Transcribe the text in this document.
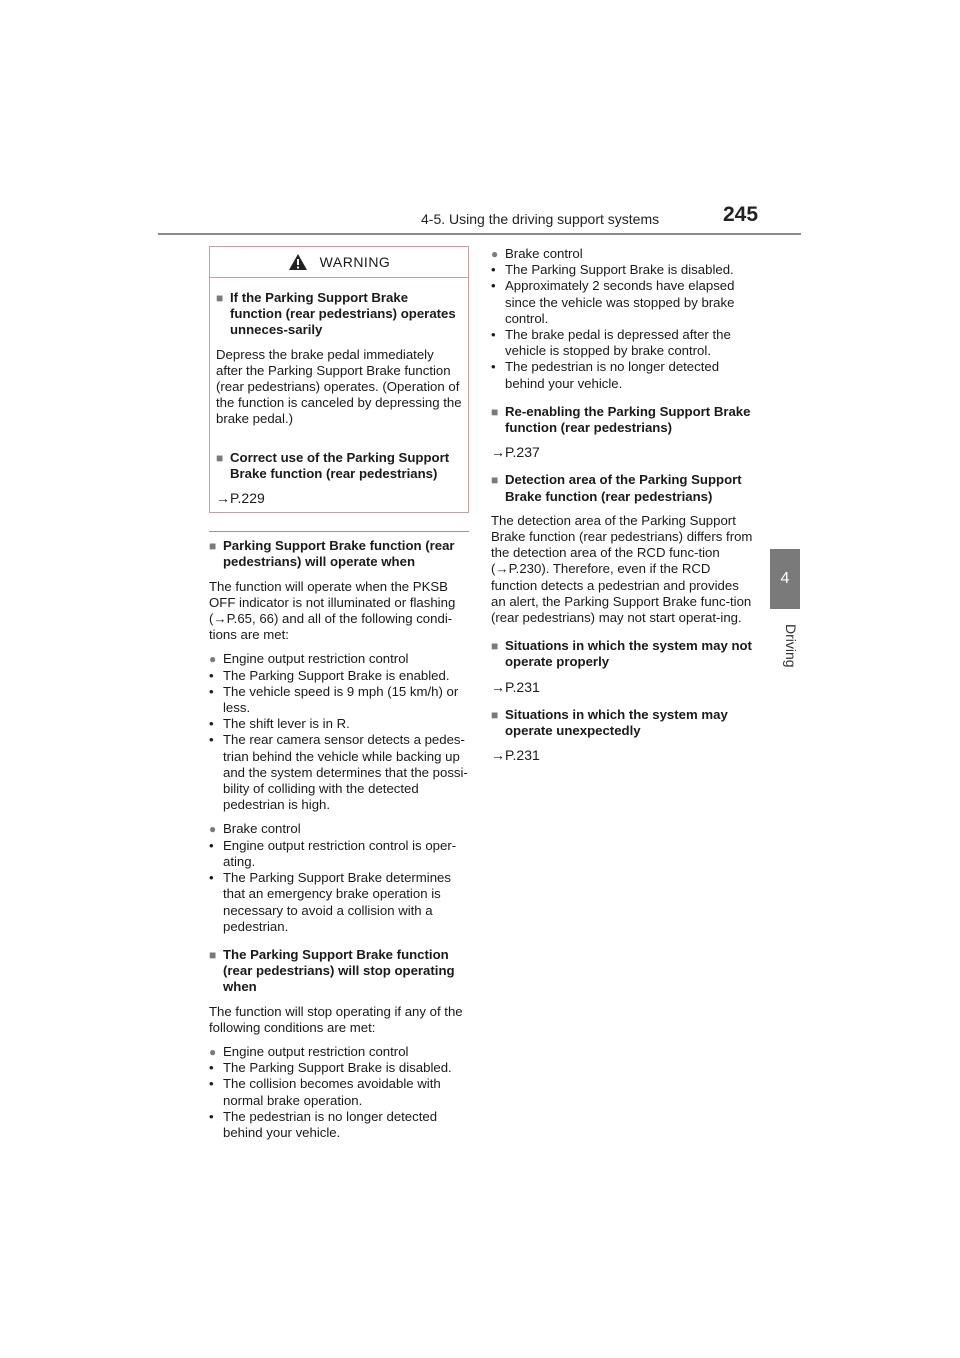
4-5. Using the driving support systems	245
4
Driving
WARNING
■ If the Parking Support Brake function (rear pedestrians) operates unneces-sarily
Depress the brake pedal immediately after the Parking Support Brake function (rear pedestrians) operates. (Operation of the function is canceled by depressing the brake pedal.)
■ Correct use of the Parking Support Brake function (rear pedestrians)
→P.229
■ Parking Support Brake function (rear pedestrians) will operate when
The function will operate when the PKSB OFF indicator is not illuminated or flashing (→P.65, 66) and all of the following condi-tions are met:
● Engine output restriction control
• The Parking Support Brake is enabled.
• The vehicle speed is 9 mph (15 km/h) or less.
• The shift lever is in R.
• The rear camera sensor detects a pedes-trian behind the vehicle while backing up and the system determines that the possi-bility of colliding with the detected pedestrian is high.
● Brake control
• Engine output restriction control is oper-ating.
• The Parking Support Brake determines that an emergency brake operation is necessary to avoid a collision with a pedestrian.
■ The Parking Support Brake function (rear pedestrians) will stop operating when
The function will stop operating if any of the following conditions are met:
● Engine output restriction control
• The Parking Support Brake is disabled.
• The collision becomes avoidable with normal brake operation.
• The pedestrian is no longer detected behind your vehicle.
● Brake control
• The Parking Support Brake is disabled.
• Approximately 2 seconds have elapsed since the vehicle was stopped by brake control.
• The brake pedal is depressed after the vehicle is stopped by brake control.
• The pedestrian is no longer detected behind your vehicle.
■ Re-enabling the Parking Support Brake function (rear pedestrians)
→P.237
■ Detection area of the Parking Support Brake function (rear pedestrians)
The detection area of the Parking Support Brake function (rear pedestrians) differs from the detection area of the RCD func-tion (→P.230). Therefore, even if the RCD function detects a pedestrian and provides an alert, the Parking Support Brake func-tion (rear pedestrians) may not start operat-ing.
■ Situations in which the system may not operate properly
→P.231
■ Situations in which the system may operate unexpectedly
→P.231
